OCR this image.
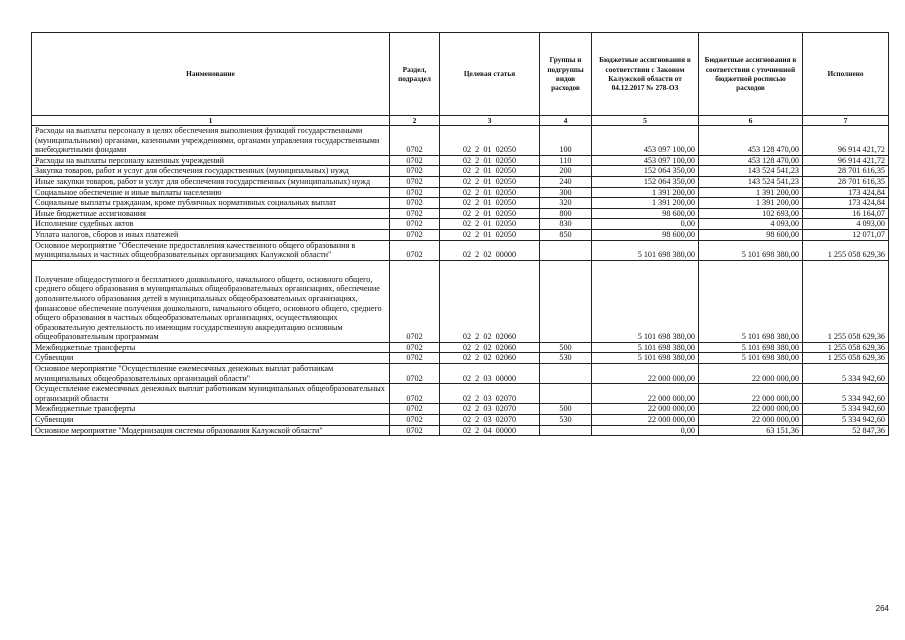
Наименование	Раздел, подраздел	Целевая статья	Группы и подгруппы видов расходов	Бюджетные ассигнования в соответствии с Законом Калужской области от 04.12.2017 № 278-ОЗ	Бюджетные ассигнования в соответствии с уточненной бюджетной росписью расходов	Исполнено
1	2	3	4	5	6	7
Расходы на выплаты персоналу в целях обеспечения выполнения функций государственными (муниципальными) органами, казенными учреждениями, органами управления государственными внебюджетными фондами	0702	02  2  01  02050	100	453 097 100,00	453 128 470,00	96 914 421,72
Расходы на выплаты персоналу казенных учреждений	0702	02  2  01  02050	110	453 097 100,00	453 128 470,00	96 914 421,72
Закупка товаров, работ и услуг для обеспечения государственных (муниципальных) нужд	0702	02  2  01  02050	200	152 064 350,00	143 524 541,23	28 701 616,35
Иные закупки товаров, работ и услуг для обеспечения государственных (муниципальных) нужд	0702	02  2  01  02050	240	152 064 350,00	143 524 541,23	28 701 616,35
Социальное обеспечение и иные выплаты населению	0702	02  2  01  02050	300	1 391 200,00	1 391 200,00	173 424,84
Социальные выплаты гражданам, кроме публичных нормативных социальных выплат	0702	02  2  01  02050	320	1 391 200,00	1 391 200,00	173 424,84
Иные бюджетные ассигнования	0702	02  2  01  02050	800	98 600,00	102 693,00	16 164,07
Исполнение судебных актов	0702	02  2  01  02050	830	0,00	4 093,00	4 093,00
Уплата налогов, сборов и иных платежей	0702	02  2  01  02050	850	98 600,00	98 600,00	12 071,07
Основное мероприятие "Обеспечение предоставления качественного общего образования в муниципальных и частных общеобразовательных организациях Калужской области"	0702	02  2  02  00000		5 101 698 380,00	5 101 698 380,00	1 255 058 629,36
Получение общедоступного и бесплатного дошкольного, начального общего, основного общего, среднего общего образования в муниципальных общеобразовательных организациях, обеспечение дополнительного образования детей в муниципальных общеобразовательных организациях, финансовое обеспечение получения дошкольного, начального общего, основного общего, среднего общего образования в частных общеобразовательных организациях, осуществляющих образовательную деятельность по имеющим государственную аккредитацию основным общеобразовательным программам	0702	02  2  02  02060		5 101 698 380,00	5 101 698 380,00	1 255 058 629,36
Межбюджетные трансферты	0702	02  2  02  02060	500	5 101 698 380,00	5 101 698 380,00	1 255 058 629,36
Субвенции	0702	02  2  02  02060	530	5 101 698 380,00	5 101 698 380,00	1 255 058 629,36
Основное мероприятие "Осуществление ежемесячных денежных выплат работникам муниципальных общеобразовательных организаций области"	0702	02  2  03  00000		22 000 000,00	22 000 000,00	5 334 942,60
Осуществление ежемесячных денежных выплат работникам муниципальных общеобразовательных организаций области	0702	02  2  03  02070		22 000 000,00	22 000 000,00	5 334 942,60
Межбюджетные трансферты	0702	02  2  03  02070	500	22 000 000,00	22 000 000,00	5 334 942,60
Субвенции	0702	02  2  03  02070	530	22 000 000,00	22 000 000,00	5 334 942,60
Основное мероприятие "Модернизация системы образования Калужской области"	0702	02  2  04  00000		0,00	63 151,36	52 847,36
264
